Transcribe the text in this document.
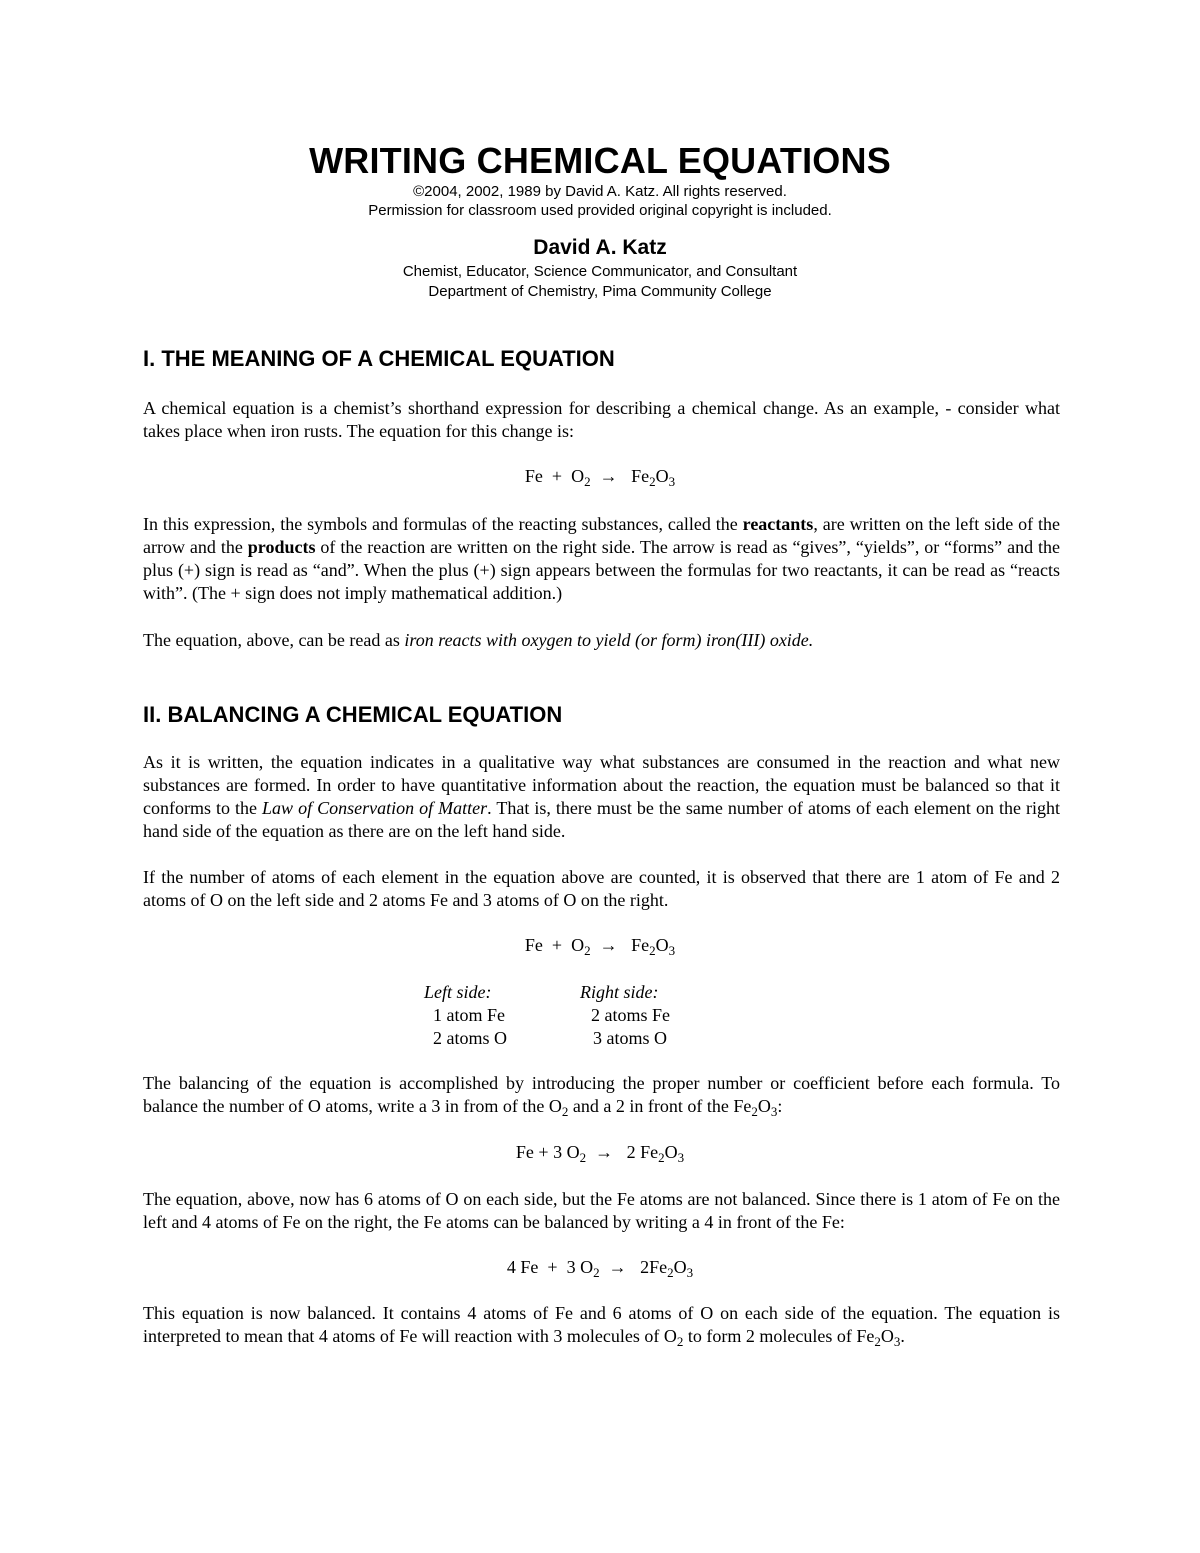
WRITING CHEMICAL EQUATIONS
©2004, 2002, 1989 by David A. Katz. All rights reserved.
Permission for classroom used provided original copyright is included.
David A. Katz
Chemist, Educator, Science Communicator, and Consultant
Department of Chemistry, Pima Community College
I. THE MEANING OF A CHEMICAL EQUATION

A chemical equation is a chemist’s shorthand expression for describing a chemical change. As an example, - consider what takes place when iron rusts. The equation for this change is:

$Fe + O_2 \to Fe_2O_3$

In this expression, the symbols and formulas of the reacting substances, called the reactants, are written on the left side of the arrow and the products of the reaction are written on the right side. The arrow is read as “gives”, “yields”, or “forms” and the plus (+) sign is read as “and”. When the plus (+) sign appears between the formulas for two reactants, it can be read as “reacts with”. (The + sign does not imply mathematical addition.)

The equation, above, can be read as iron reacts with oxygen to yield (or form) iron(III) oxide.

II. BALANCING A CHEMICAL EQUATION

As it is written, the equation indicates in a qualitative way what substances are consumed in the reaction and what new substances are formed. In order to have quantitative information about the reaction, the equation must be balanced so that it conforms to the Law of Conservation of Matter. That is, there must be the same number of atoms of each element on the right hand side of the equation as there are on the left hand side.

If the number of atoms of each element in the equation above are counted, it is observed that there are 1 atom of Fe and 2 atoms of O on the left side and 2 atoms Fe and 3 atoms of O on the right.

$Fe + O_2 \to Fe_2O_3$
Left side:
1 atom Fe
2 atoms O
Right side:
2 atoms Fe
3 atoms O

The balancing of the equation is accomplished by introducing the proper number or coefficient before each formula. To balance the number of O atoms, write a 3 in from of the $O_2$ and a 2 in front of the $Fe_2O_3$:

Fe + 3 $O_2 \to 2$ $Fe_2O_3$

The equation, above, now has 6 atoms of O on each side, but the Fe atoms are not balanced. Since there is 1 atom of Fe on the left and 4 atoms of Fe on the right, the Fe atoms can be balanced by writing a 4 in front of the Fe:

4 Fe + 3 $O_2 \to 2Fe_2O_3$

This equation is now balanced. It contains 4 atoms of Fe and 6 atoms of O on each side of the equation. The equation is interpreted to mean that 4 atoms of Fe will reaction with 3 molecules of $O_2$ to form 2 molecules of $Fe_2O_3$.
